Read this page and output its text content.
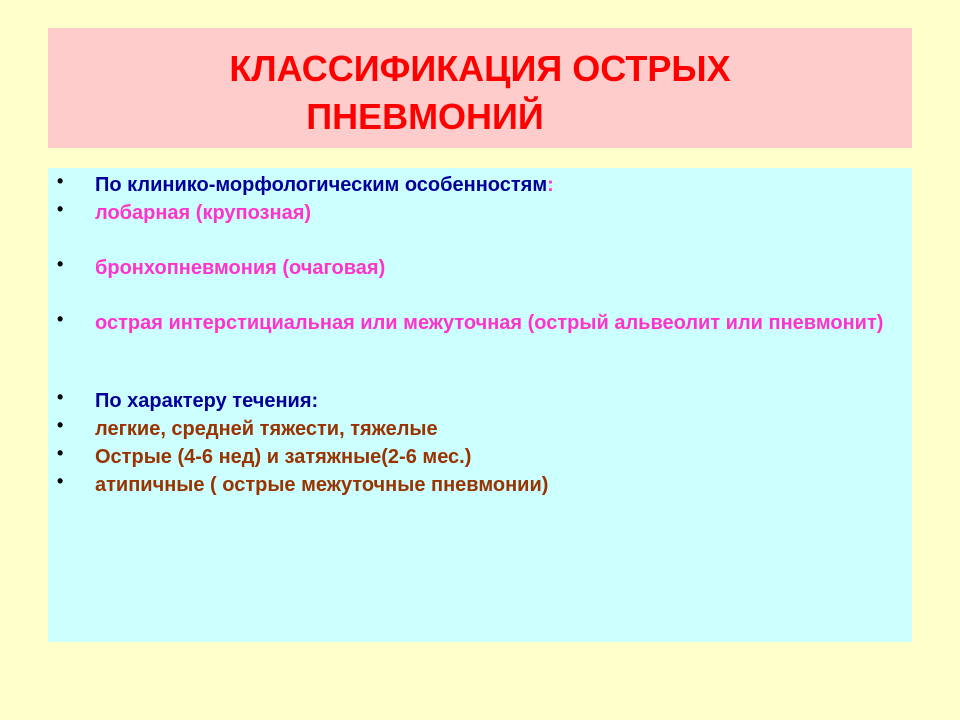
КЛАССИФИКАЦИЯ ОСТРЫХ
ПНЕВМОНИЙ
• По клинико-морфологическим особенностям:
• лобарная (крупозная)
• бронхопневмония (очаговая)
• острая интерстициальная или межуточная (острый альвеолит или пневмонит)
• По характеру течения:
• легкие, средней тяжести, тяжелые
• Острые (4-6 нед) и затяжные(2-6 мес.)
• атипичные ( острые межуточные пневмонии)
